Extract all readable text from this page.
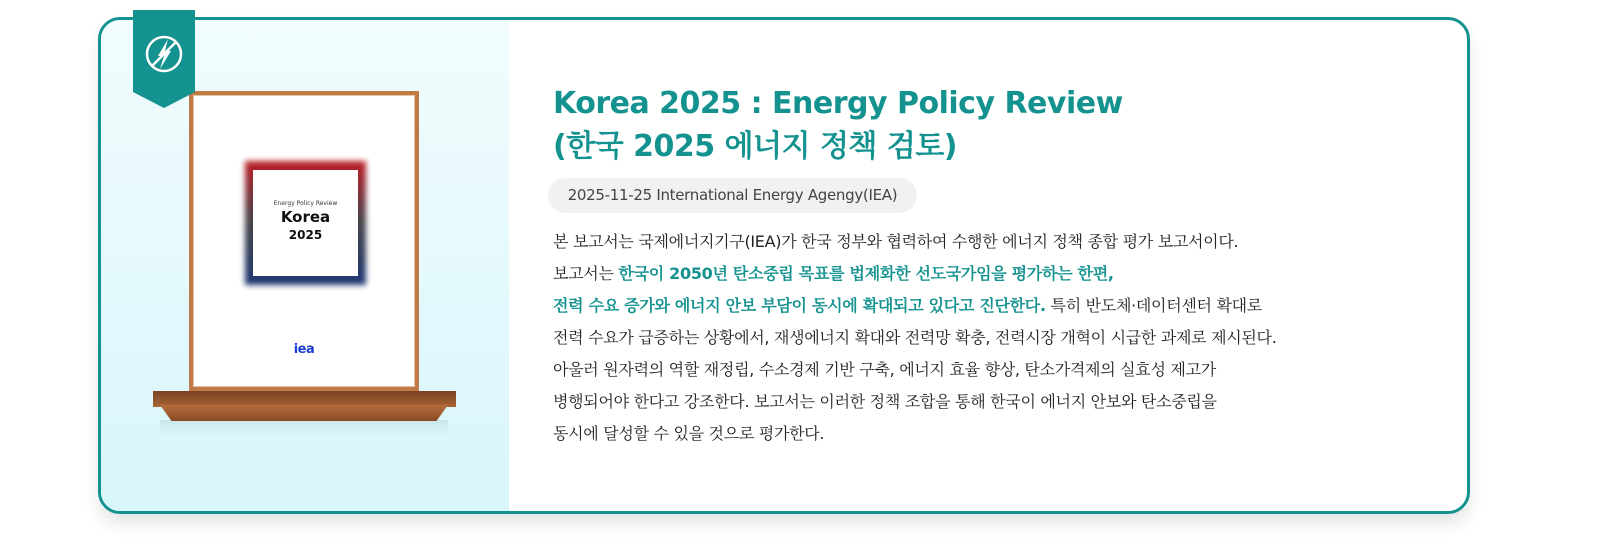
Energy Policy Review
Korea
2025
iea
Korea 2025 : Energy Policy Review
(한국 2025 에너지 정책 검토)
2025-11-25 International Energy Agengy(IEA)

본 보고서는 국제에너지기구(IEA)가 한국 정부와 협력하여 수행한 에너지 정책 종합 평가 보고서이다.
보고서는 한국이 2050년 탄소중립 목표를 법제화한 선도국가임을 평가하는 한편,
전력 수요 증가와 에너지 안보 부담이 동시에 확대되고 있다고 진단한다. 특히 반도체·데이터센터 확대로
전력 수요가 급증하는 상황에서, 재생에너지 확대와 전력망 확충, 전력시장 개혁이 시급한 과제로 제시된다.
아울러 원자력의 역할 재정립, 수소경제 기반 구축, 에너지 효율 향상, 탄소가격제의 실효성 제고가
병행되어야 한다고 강조한다. 보고서는 이러한 정책 조합을 통해 한국이 에너지 안보와 탄소중립을
동시에 달성할 수 있을 것으로 평가한다.
